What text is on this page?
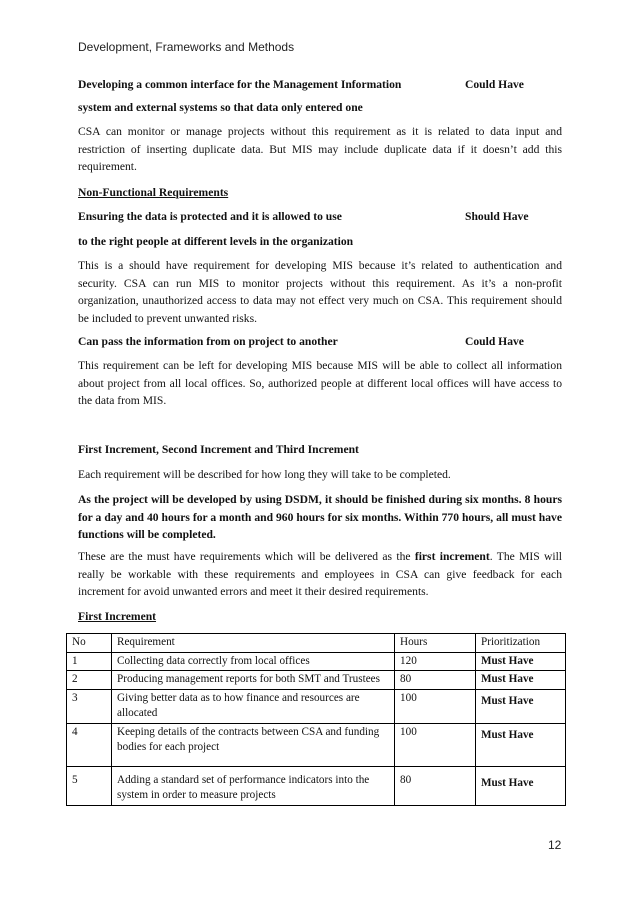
Development, Frameworks and Methods
Developing a common interface for the Management Information	Could Have
system and external systems so that data only entered one
CSA can monitor or manage projects without this requirement as it is related to data input and restriction of inserting duplicate data. But MIS may include duplicate data if it doesn’t add this requirement.
Non-Functional Requirements
Ensuring the data is protected and it is allowed to use	Should Have
to the right people at different levels in the organization
This is a should have requirement for developing MIS because it’s related to authentication and security. CSA can run MIS to monitor projects without this requirement. As it’s a non-profit organization, unauthorized access to data may not effect very much on CSA. This requirement should be included to prevent unwanted risks.
Can pass the information from on project to another	Could Have
This requirement can be left for developing MIS because MIS will be able to collect all information about project from all local offices. So, authorized people at different local offices will have access to the data from MIS.
First Increment, Second Increment and Third Increment
Each requirement will be described for how long they will take to be completed.
As the project will be developed by using DSDM, it should be finished during six months. 8 hours for a day and 40 hours for a month and 960 hours for six months. Within 770 hours, all must have functions will be completed.
These are the must have requirements which will be delivered as the first increment. The MIS will really be workable with these requirements and employees in CSA can give feedback for each increment for avoid unwanted errors and meet it their desired requirements.
First Increment
No	Requirement	Hours	Prioritization
1	Collecting data correctly from local offices	120	Must Have
2	Producing management reports for both SMT and Trustees	80	Must Have
3	Giving better data as to how finance and resources are allocated	100	Must Have
4	Keeping details of the contracts between CSA and funding bodies for each project	100	Must Have
5	Adding a standard set of performance indicators into the system in order to measure projects	80	Must Have
12
